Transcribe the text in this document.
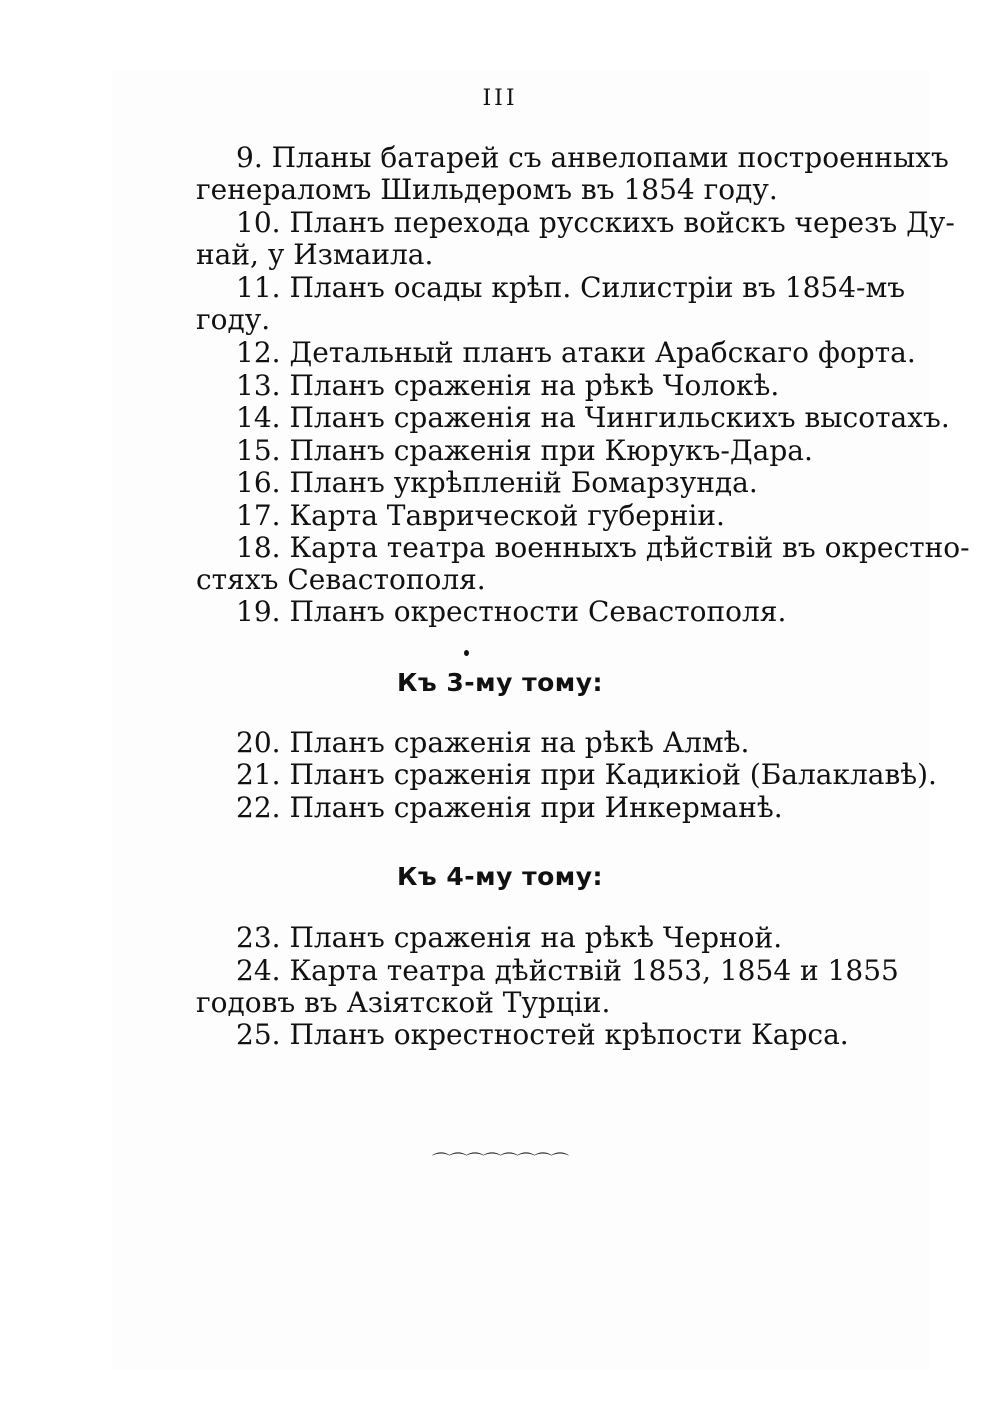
III
9. Планы батарей съ анвелопами построенныхъ
генераломъ Шильдеромъ въ 1854 году.
10. Планъ перехода русскихъ войскъ черезъ Ду-
най, у Измаила.
11. Планъ осады крѣп. Силистріи въ 1854-мъ
году.
12. Детальный планъ атаки Арабскаго форта.
13. Планъ сраженія на рѣкѣ Чолокѣ.
14. Планъ сраженія на Чингильскихъ высотахъ.
15. Планъ сраженія при Кюрукъ-Дара.
16. Планъ укрѣпленій Бомарзунда.
17. Карта Таврической губерніи.
18. Карта театра военныхъ дѣйствій въ окрестно-
стяхъ Севастополя.
19. Планъ окрестности Севастополя.
Къ 3-му тому:
20. Планъ сраженія на рѣкѣ Алмѣ.
21. Планъ сраженія при Кадикіой (Балаклавѣ).
22. Планъ сраженія при Инкерманѣ.
Къ 4-му тому:
23. Планъ сраженія на рѣкѣ Черной.
24. Карта театра дѣйствій 1853, 1854 и 1855
годовъ въ Азіятской Турціи.
25. Планъ окрестностей крѣпости Карса.
⌒⌒⌒⌒⌒⌒⌒⌒
